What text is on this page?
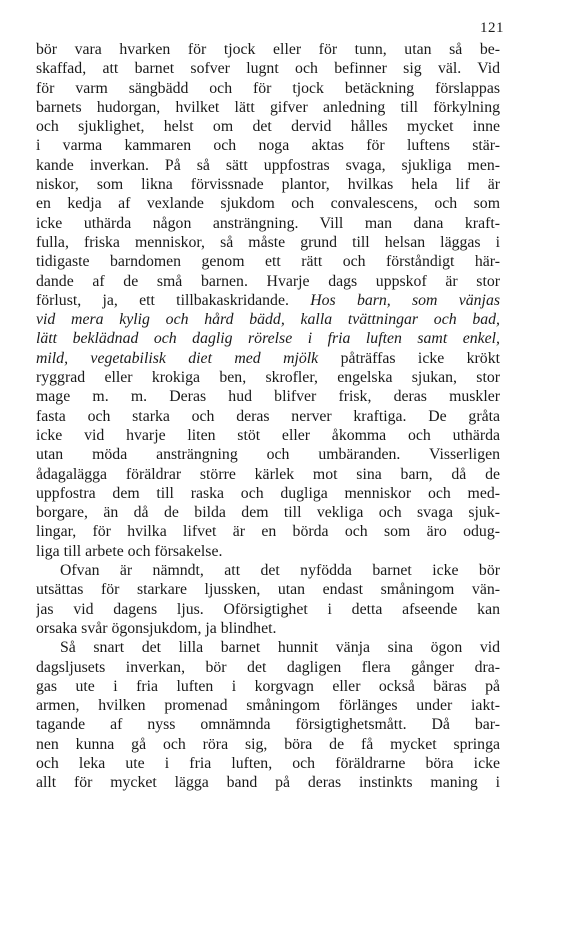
121
bör vara hvarken för tjock eller för tunn, utan så be-
skaffad, att barnet sofver lugnt och befinner sig väl. Vid
för varm sängbädd och för tjock betäckning förslappas
barnets hudorgan, hvilket lätt gifver anledning till förkylning
och sjuklighet, helst om det dervid hålles mycket inne
i varma kammaren och noga aktas för luftens stär-
kande inverkan. På så sätt uppfostras svaga, sjukliga men-
niskor, som likna förvissnade plantor, hvilkas hela lif är
en kedja af vexlande sjukdom och convalescens, och som
icke uthärda någon ansträngning. Vill man dana kraft-
fulla, friska menniskor, så måste grund till helsan läggas i
tidigaste barndomen genom ett rätt och förståndigt här-
dande af de små barnen. Hvarje dags uppskof är stor
förlust, ja, ett tillbakaskridande. Hos barn, som vänjas
vid mera kylig och hård bädd, kalla tvättningar och bad,
lätt beklädnad och daglig rörelse i fria luften samt enkel,
mild, vegetabilisk diet med mjölk påträffas icke krökt
ryggrad eller krokiga ben, skrofler, engelska sjukan, stor
mage m. m. Deras hud blifver frisk, deras muskler
fasta och starka och deras nerver kraftiga. De gråta
icke vid hvarje liten stöt eller åkomma och uthärda
utan möda ansträngning och umbäranden. Visserligen
ådagalägga föräldrar större kärlek mot sina barn, då de
uppfostra dem till raska och dugliga menniskor och med-
borgare, än då de bilda dem till vekliga och svaga sjuk-
lingar, för hvilka lifvet är en börda och som äro odug-
liga till arbete och försakelse.
Ofvan är nämndt, att det nyfödda barnet icke bör
utsättas för starkare ljussken, utan endast småningom vän-
jas vid dagens ljus. Oförsigtighet i detta afseende kan
orsaka svår ögonsjukdom, ja blindhet.
Så snart det lilla barnet hunnit vänja sina ögon vid
dagsljusets inverkan, bör det dagligen flera gånger dra-
gas ute i fria luften i korgvagn eller också bäras på
armen, hvilken promenad småningom förlänges under iakt-
tagande af nyss omnämnda försigtighetsmått. Då bar-
nen kunna gå och röra sig, böra de få mycket springa
och leka ute i fria luften, och föräldrarne böra icke
allt för mycket lägga band på deras instinkts maning i
